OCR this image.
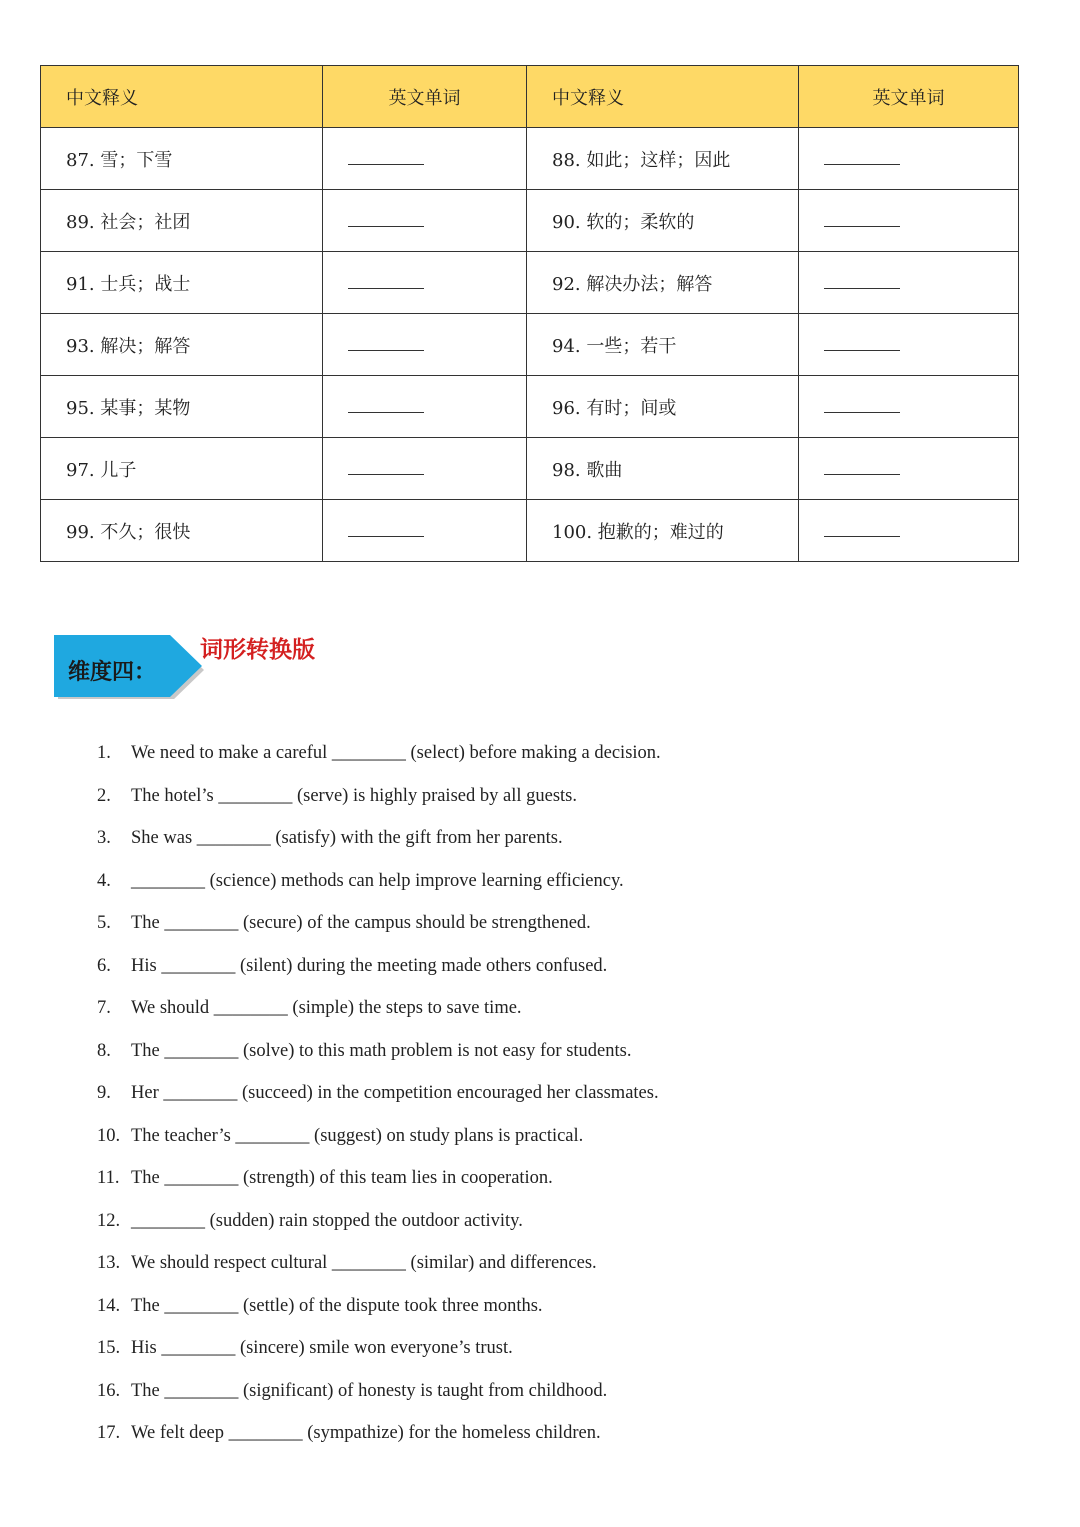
中文释义	英文单词	中文释义	英文单词
87. 雪；下雪		88. 如此；这样；因此	
89. 社会；社团		90. 软的；柔软的	
91. 士兵；战士		92. 解决办法；解答	
93. 解决；解答		94. 一些；若干	
95. 某事；某物		96. 有时；间或	
97. 儿子		98. 歌曲	
99. 不久；很快		100. 抱歉的；难过的	
维度四：
词形转换版
1.	We need to make a careful ________ (select) before making a decision.
2.	The hotel’s ________ (serve) is highly praised by all guests.
3.	She was ________ (satisfy) with the gift from her parents.
4.	________ (science) methods can help improve learning efficiency.
5.	The ________ (secure) of the campus should be strengthened.
6.	His ________ (silent) during the meeting made others confused.
7.	We should ________ (simple) the steps to save time.
8.	The ________ (solve) to this math problem is not easy for students.
9.	Her ________ (succeed) in the competition encouraged her classmates.
10. The teacher’s ________ (suggest) on study plans is practical.
11. The ________ (strength) of this team lies in cooperation.
12. ________ (sudden) rain stopped the outdoor activity.
13. We should respect cultural ________ (similar) and differences.
14. The ________ (settle) of the dispute took three months.
15. His ________ (sincere) smile won everyone’s trust.
16. The ________ (significant) of honesty is taught from childhood.
17. We felt deep ________ (sympathize) for the homeless children.
